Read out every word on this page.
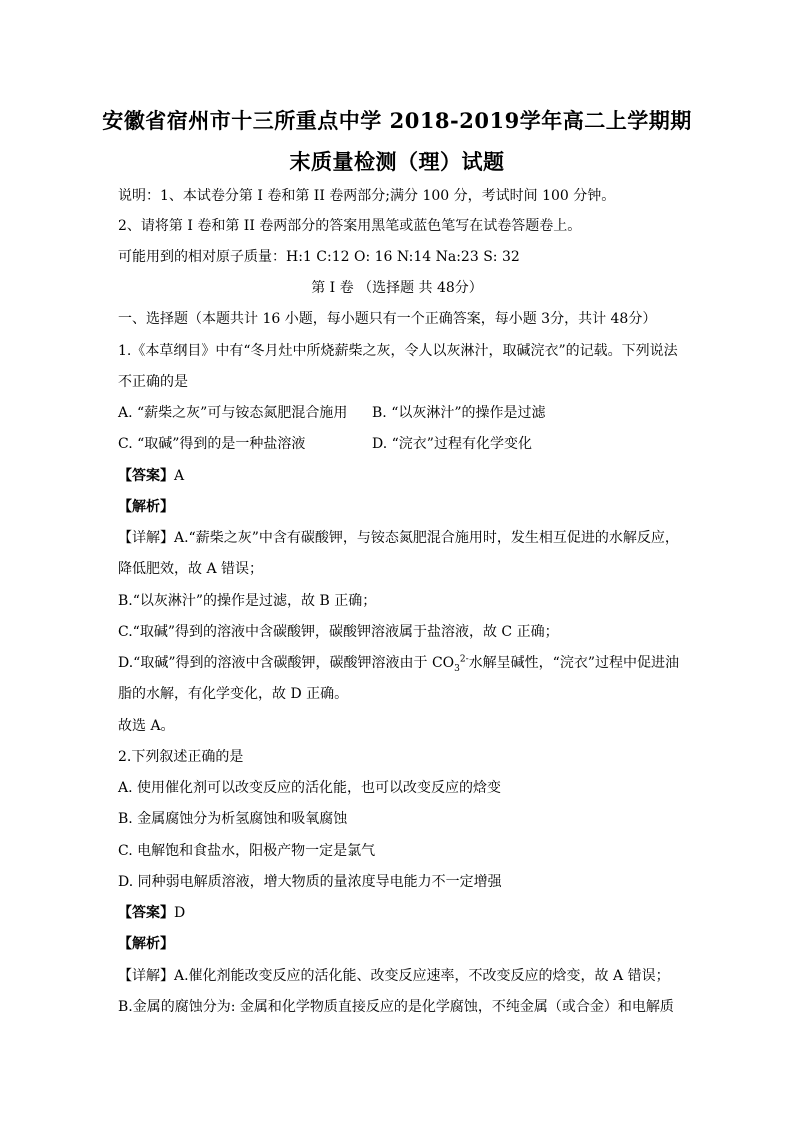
安徽省宿州市十三所重点中学 2018-2019学年高二上学期期
末质量检测（理）试题
说明：1、本试卷分第 I 卷和第 II 卷两部分;满分 100 分，考试时间 100 分钟。
2、请将第 I 卷和第 II 卷两部分的答案用黑笔或蓝色笔写在试卷答题卷上。
可能用到的相对原子质量：H:1 C:12 O: 16 N:14 Na:23 S: 32
第 I 卷 （选择题 共 48分）
一、选择题（本题共计 16 小题，每小题只有一个正确答案，每小题 3分，共计 48分）
1.《本草纲目》中有“冬月灶中所烧薪柴之灰，令人以灰淋汁，取碱浣衣”的记载。下列说法
不正确的是
A. “薪柴之灰”可与铵态氮肥混合施用 B. “以灰淋汁”的操作是过滤
C. “取碱”得到的是一种盐溶液	D. “浣衣”过程有化学变化
【答案】A
【解析】
【详解】A.“薪柴之灰”中含有碳酸钾，与铵态氮肥混合施用时，发生相互促进的水解反应，
降低肥效，故 A 错误；
B.“以灰淋汁”的操作是过滤，故 B 正确；
C.“取碱”得到的溶液中含碳酸钾，碳酸钾溶液属于盐溶液，故 C 正确；
D.“取碱”得到的溶液中含碳酸钾，碳酸钾溶液由于 $CO_3^{2-}$水解呈碱性，“浣衣”过程中促进油
脂的水解，有化学变化，故 D 正确。
故选 A。
2.下列叙述正确的是
A. 使用催化剂可以改变反应的活化能，也可以改变反应的焓变
B. 金属腐蚀分为析氢腐蚀和吸氧腐蚀
C. 电解饱和食盐水，阳极产物一定是氯气
D. 同种弱电解质溶液，增大物质的量浓度导电能力不一定增强
【答案】D
【解析】
【详解】A.催化剂能改变反应的活化能、改变反应速率，不改变反应的焓变，故 A 错误；
B.金属的腐蚀分为: 金属和化学物质直接反应的是化学腐蚀，不纯金属（或合金）和电解质
